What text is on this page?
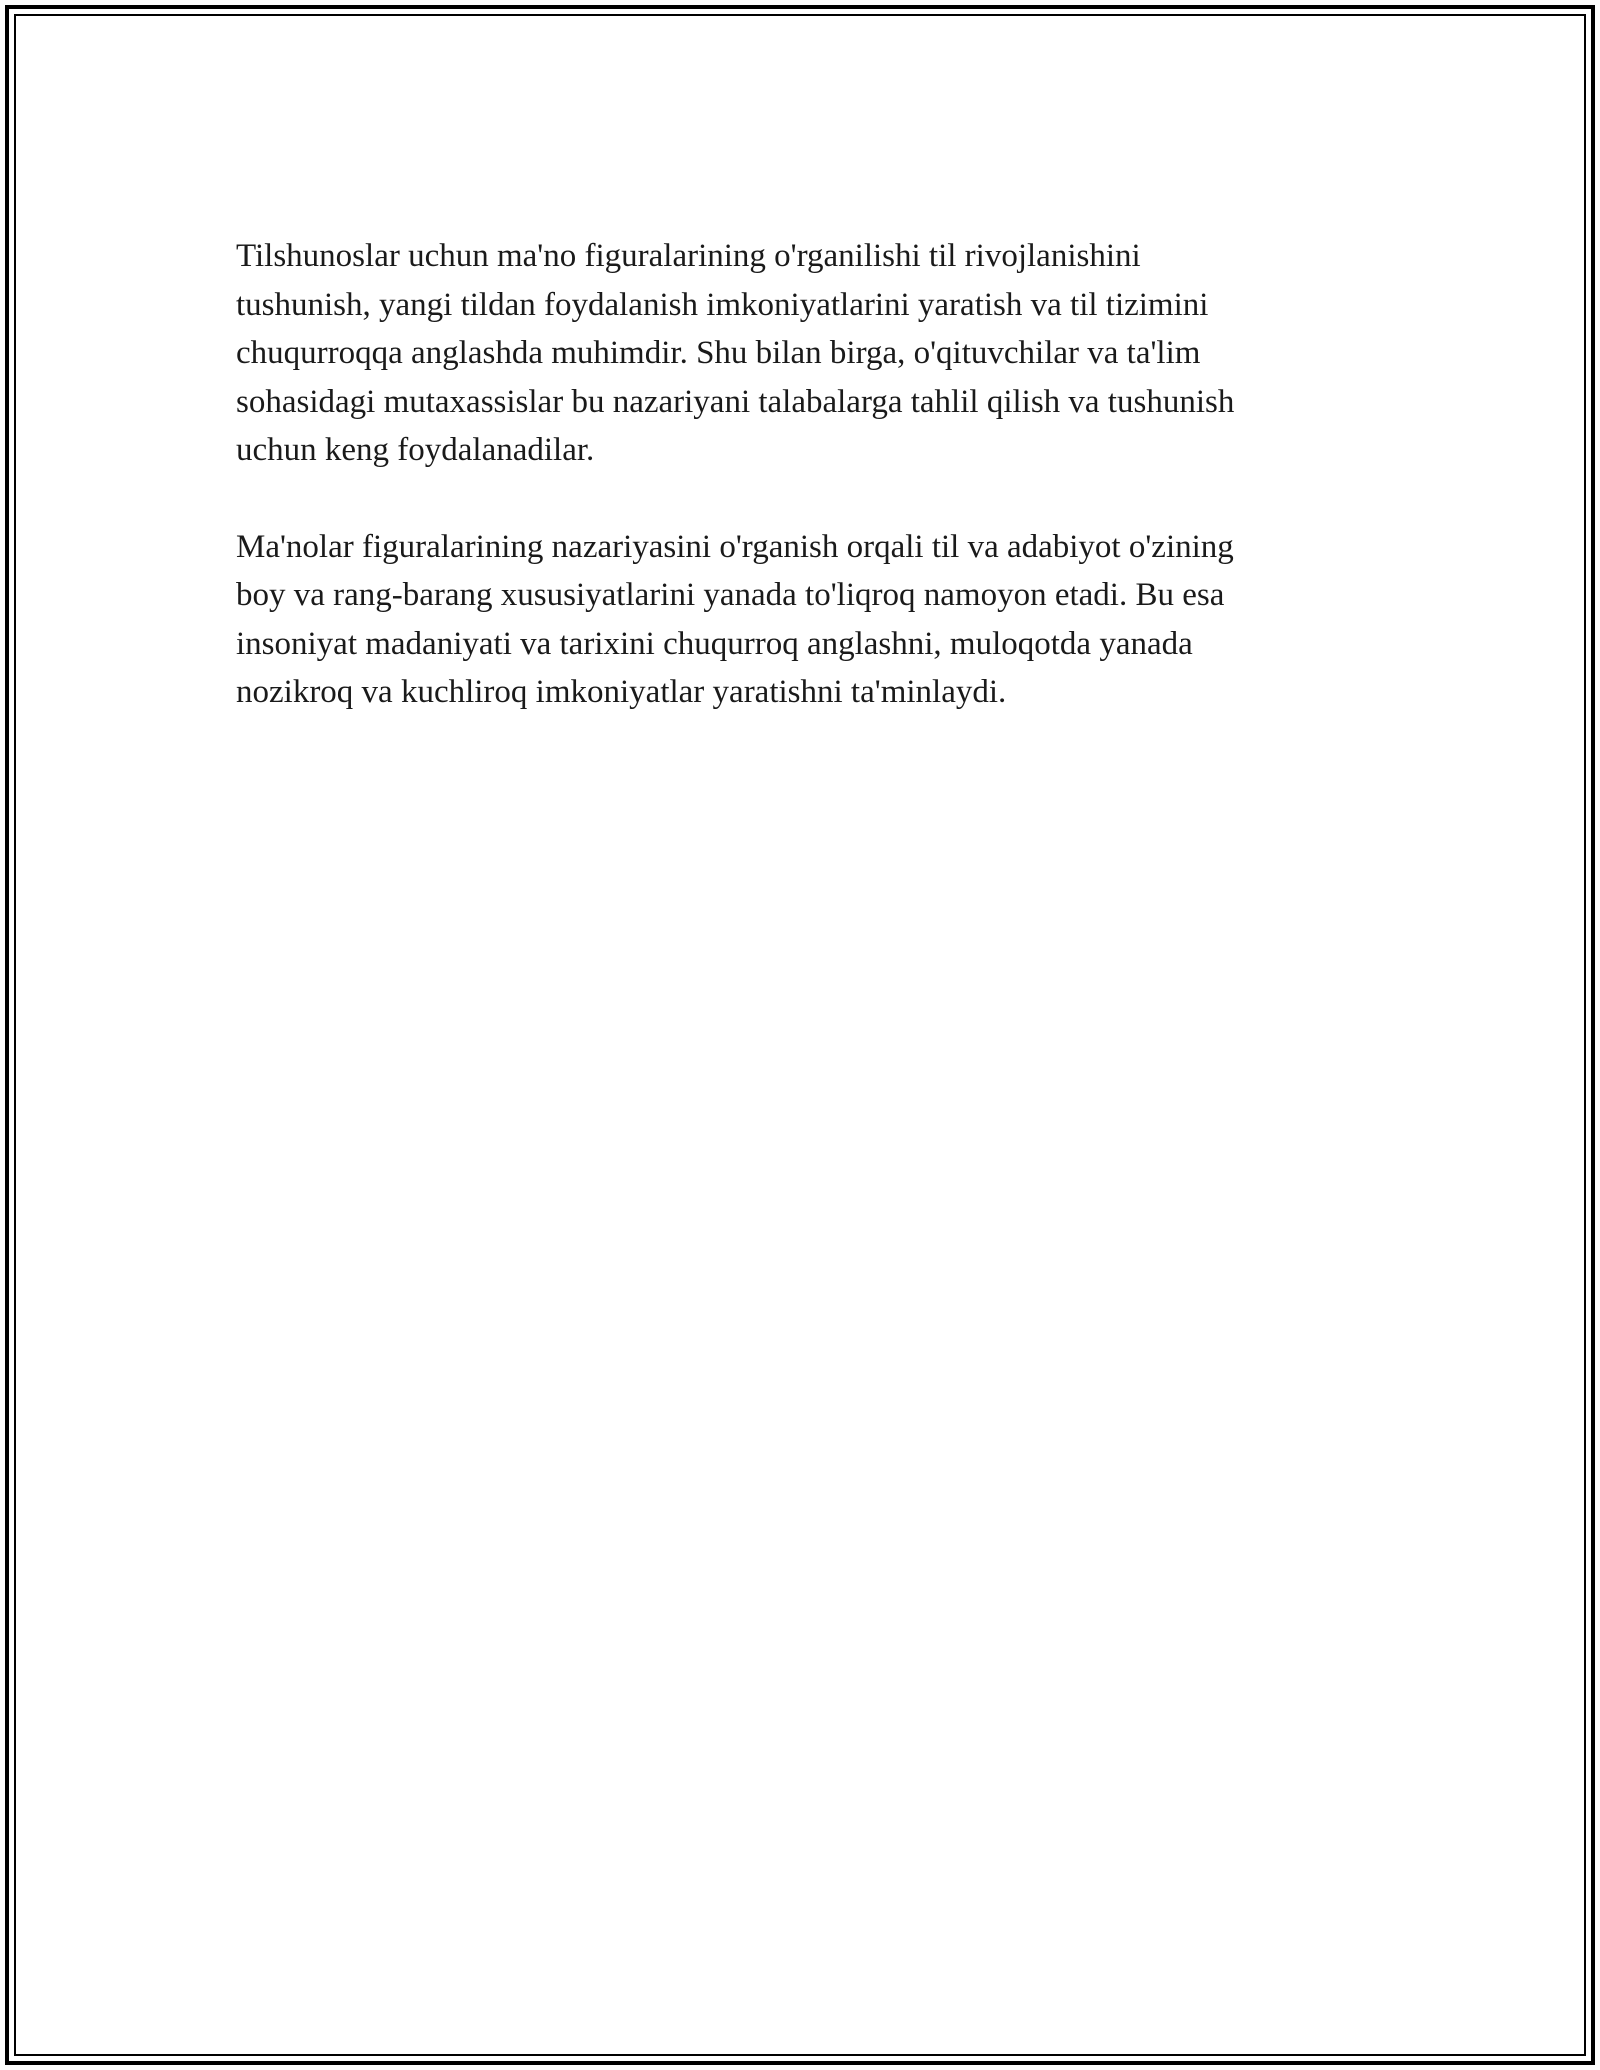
Tilshunoslar uchun ma'no figuralarining o'rganilishi til rivojlanishini
tushunish, yangi tildan foydalanish imkoniyatlarini yaratish va til tizimini
chuqurroqqa anglashda muhimdir. Shu bilan birga, o'qituvchilar va ta'lim
sohasidagi mutaxassislar bu nazariyani talabalarga tahlil qilish va tushunish
uchun keng foydalanadilar.

Ma'nolar figuralarining nazariyasini o'rganish orqali til va adabiyot o'zining
boy va rang-barang xususiyatlarini yanada to'liqroq namoyon etadi. Bu esa
insoniyat madaniyati va tarixini chuqurroq anglashni, muloqotda yanada
nozikroq va kuchliroq imkoniyatlar yaratishni ta'minlaydi.
